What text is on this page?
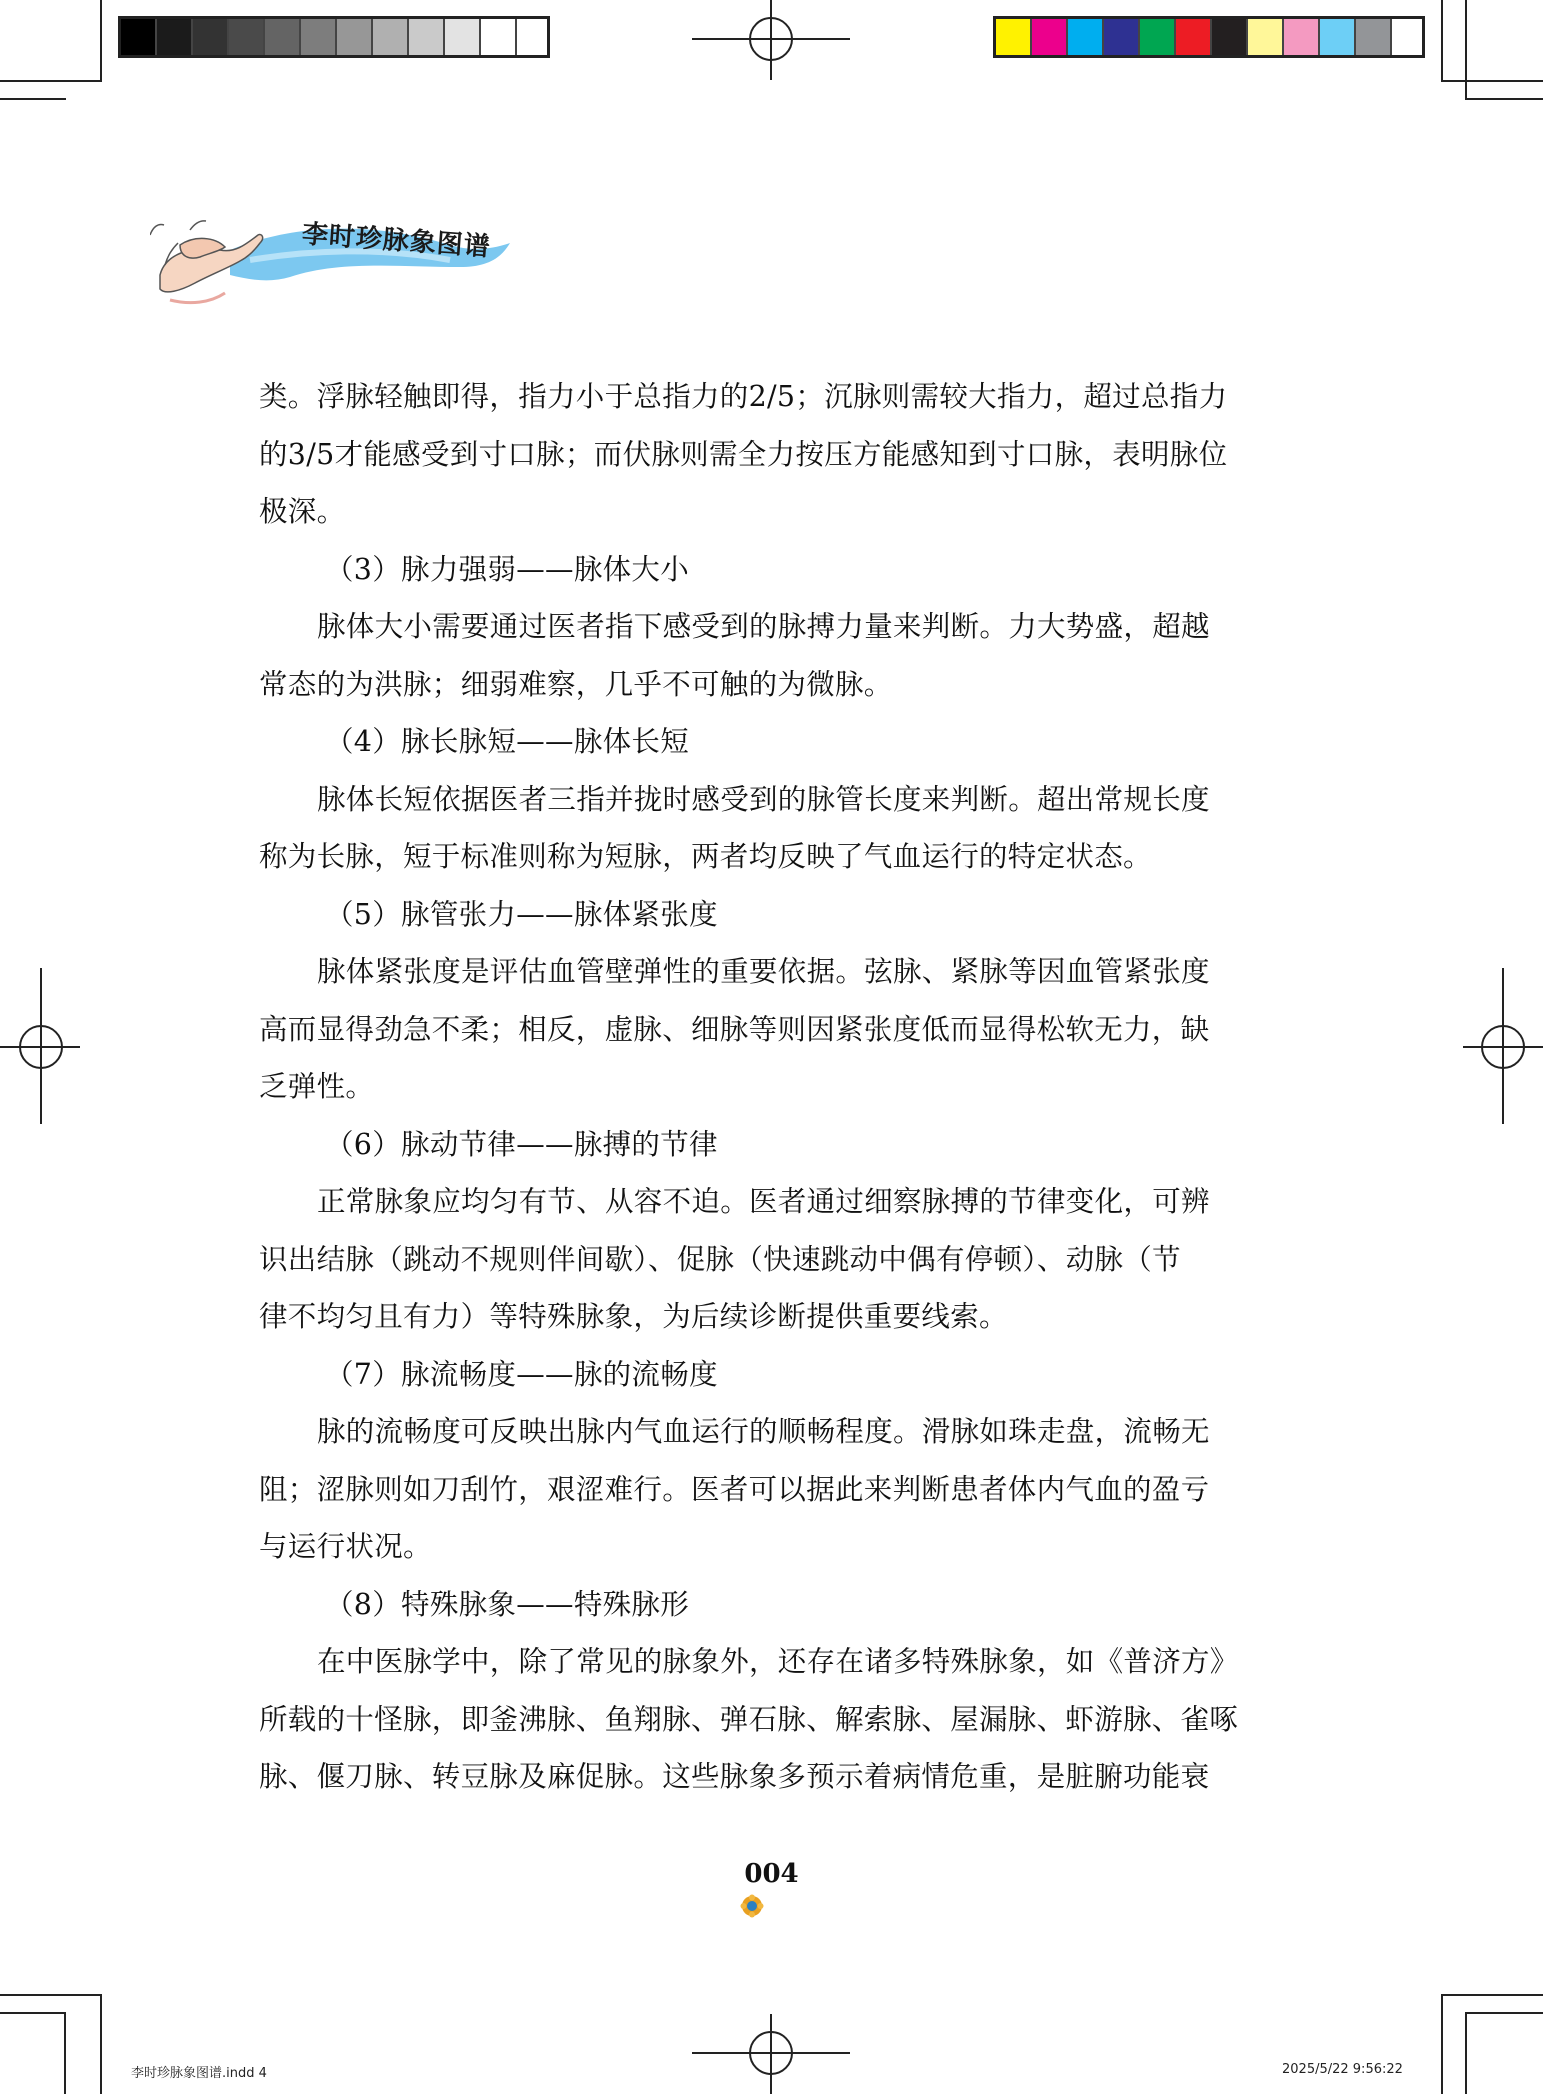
李时珍脉象图谱
类。浮脉轻触即得，指力小于总指力的2/5；沉脉则需较大指力，超过总指力
的3/5才能感受到寸口脉；而伏脉则需全力按压方能感知到寸口脉，表明脉位
极深。
（3）脉力强弱——脉体大小
脉体大小需要通过医者指下感受到的脉搏力量来判断。力大势盛，超越
常态的为洪脉；细弱难察，几乎不可触的为微脉。
（4）脉长脉短——脉体长短
脉体长短依据医者三指并拢时感受到的脉管长度来判断。超出常规长度
称为长脉，短于标准则称为短脉，两者均反映了气血运行的特定状态。
（5）脉管张力——脉体紧张度
脉体紧张度是评估血管壁弹性的重要依据。弦脉、紧脉等因血管紧张度
高而显得劲急不柔；相反，虚脉、细脉等则因紧张度低而显得松软无力，缺
乏弹性。
（6）脉动节律——脉搏的节律
正常脉象应均匀有节、从容不迫。医者通过细察脉搏的节律变化，可辨
识出结脉（跳动不规则伴间歇）、促脉（快速跳动中偶有停顿）、动脉（节
律不均匀且有力）等特殊脉象，为后续诊断提供重要线索。
（7）脉流畅度——脉的流畅度
脉的流畅度可反映出脉内气血运行的顺畅程度。滑脉如珠走盘，流畅无
阻；涩脉则如刀刮竹，艰涩难行。医者可以据此来判断患者体内气血的盈亏
与运行状况。
（8）特殊脉象——特殊脉形
在中医脉学中，除了常见的脉象外，还存在诸多特殊脉象，如《普济方》
所载的十怪脉，即釜沸脉、鱼翔脉、弹石脉、解索脉、屋漏脉、虾游脉、雀啄
脉、偃刀脉、转豆脉及麻促脉。这些脉象多预示着病情危重，是脏腑功能衰
004
李时珍脉象图谱.indd 4	2025/5/22 9:56:22
